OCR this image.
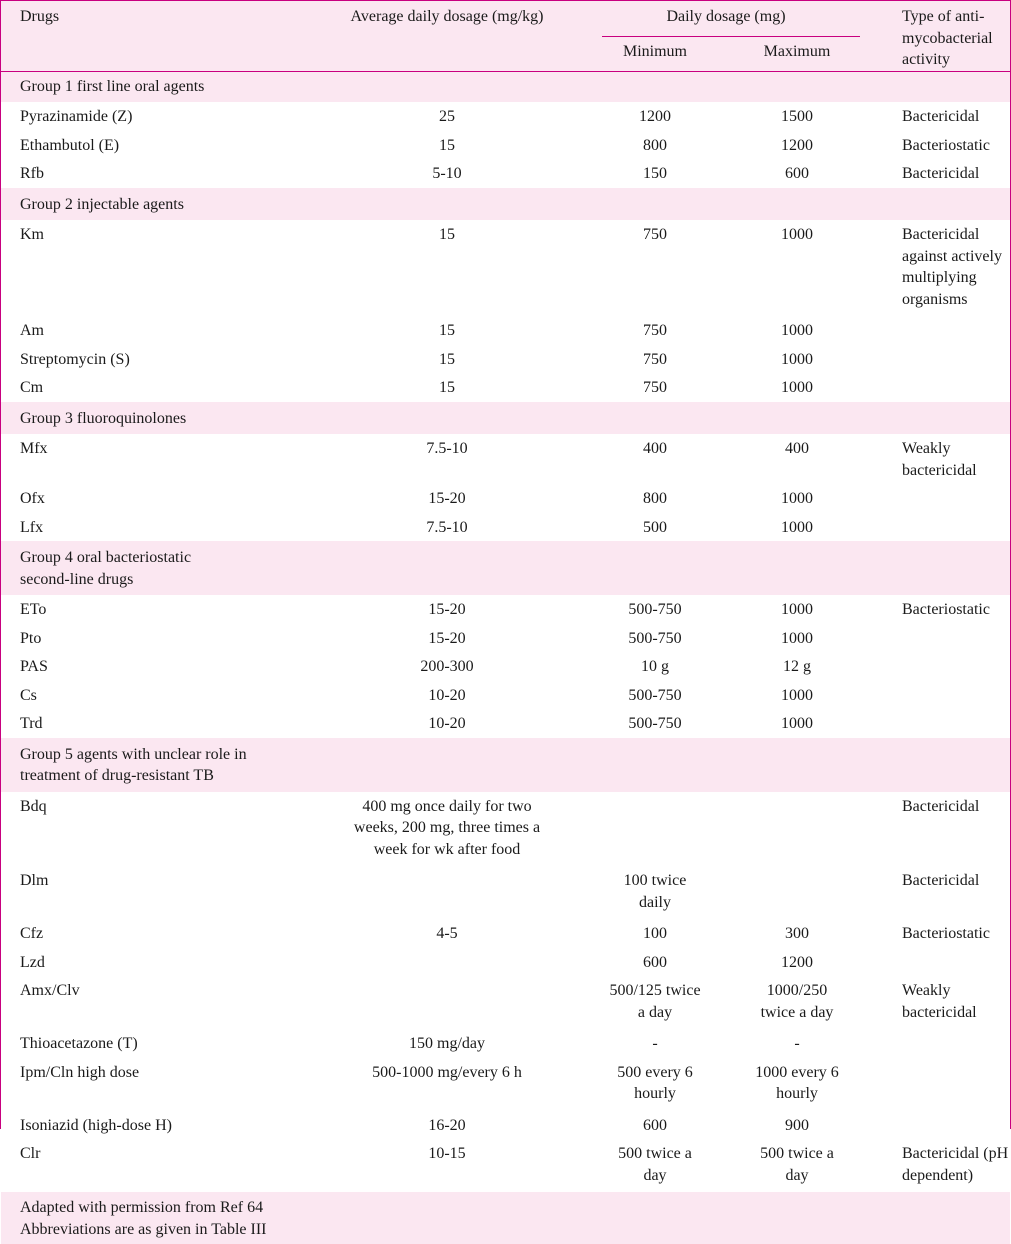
Drugs	Average daily dosage (mg/kg)	Daily dosage (mg)		Type of anti-mycobacterial activity
		Minimum	Maximum	

Group 1 first line oral agents				

Pyrazinamide (Z)	25	1200	1500	Bactericidal

Ethambutol (E)	15	800	1200	Bacteriostatic

Rfb	5-10	150	600	Bactericidal

Group 2 injectable agents				

Km	15	750	1000	Bactericidal against actively multiplying organisms

Am	15	750	1000	

Streptomycin (S)	15	750	1000	

Cm	15	750	1000	

Group 3 fluoroquinolones				

Mfx	7.5-10	400	400	Weakly bactericidal

Ofx	15-20	800	1000	

Lfx	7.5-10	500	1000	

Group 4 oral bacteriostatic second-line drugs				

ETo	15-20	500-750	1000	Bacteriostatic

Pto	15-20	500-750	1000	

PAS	200-300	10 g	12 g	

Cs	10-20	500-750	1000	

Trd	10-20	500-750	1000	

Group 5 agents with unclear role in treatment of drug-resistant TB				

Bdq	400 mg once daily for two weeks, 200 mg, three times a week for wk after food			Bactericidal

Dlm		100 twice daily		Bactericidal

Cfz	4-5	100	300	Bacteriostatic

Lzd		600	1200	

Amx/Clv		500/125 twice a day	1000/250 twice a day	Weakly bactericidal

Thioacetazone (T)	150 mg/day	-	-	

Ipm/Cln high dose	500-1000 mg/every 6 h	500 every 6 hourly	1000 every 6 hourly	

Isoniazid (high-dose H)	16-20	600	900	

Clr	10-15	500 twice a day	500 twice a day	Bactericidal (pH dependent)

Adapted with permission from Ref 64
Abbreviations are as given in Table III				
